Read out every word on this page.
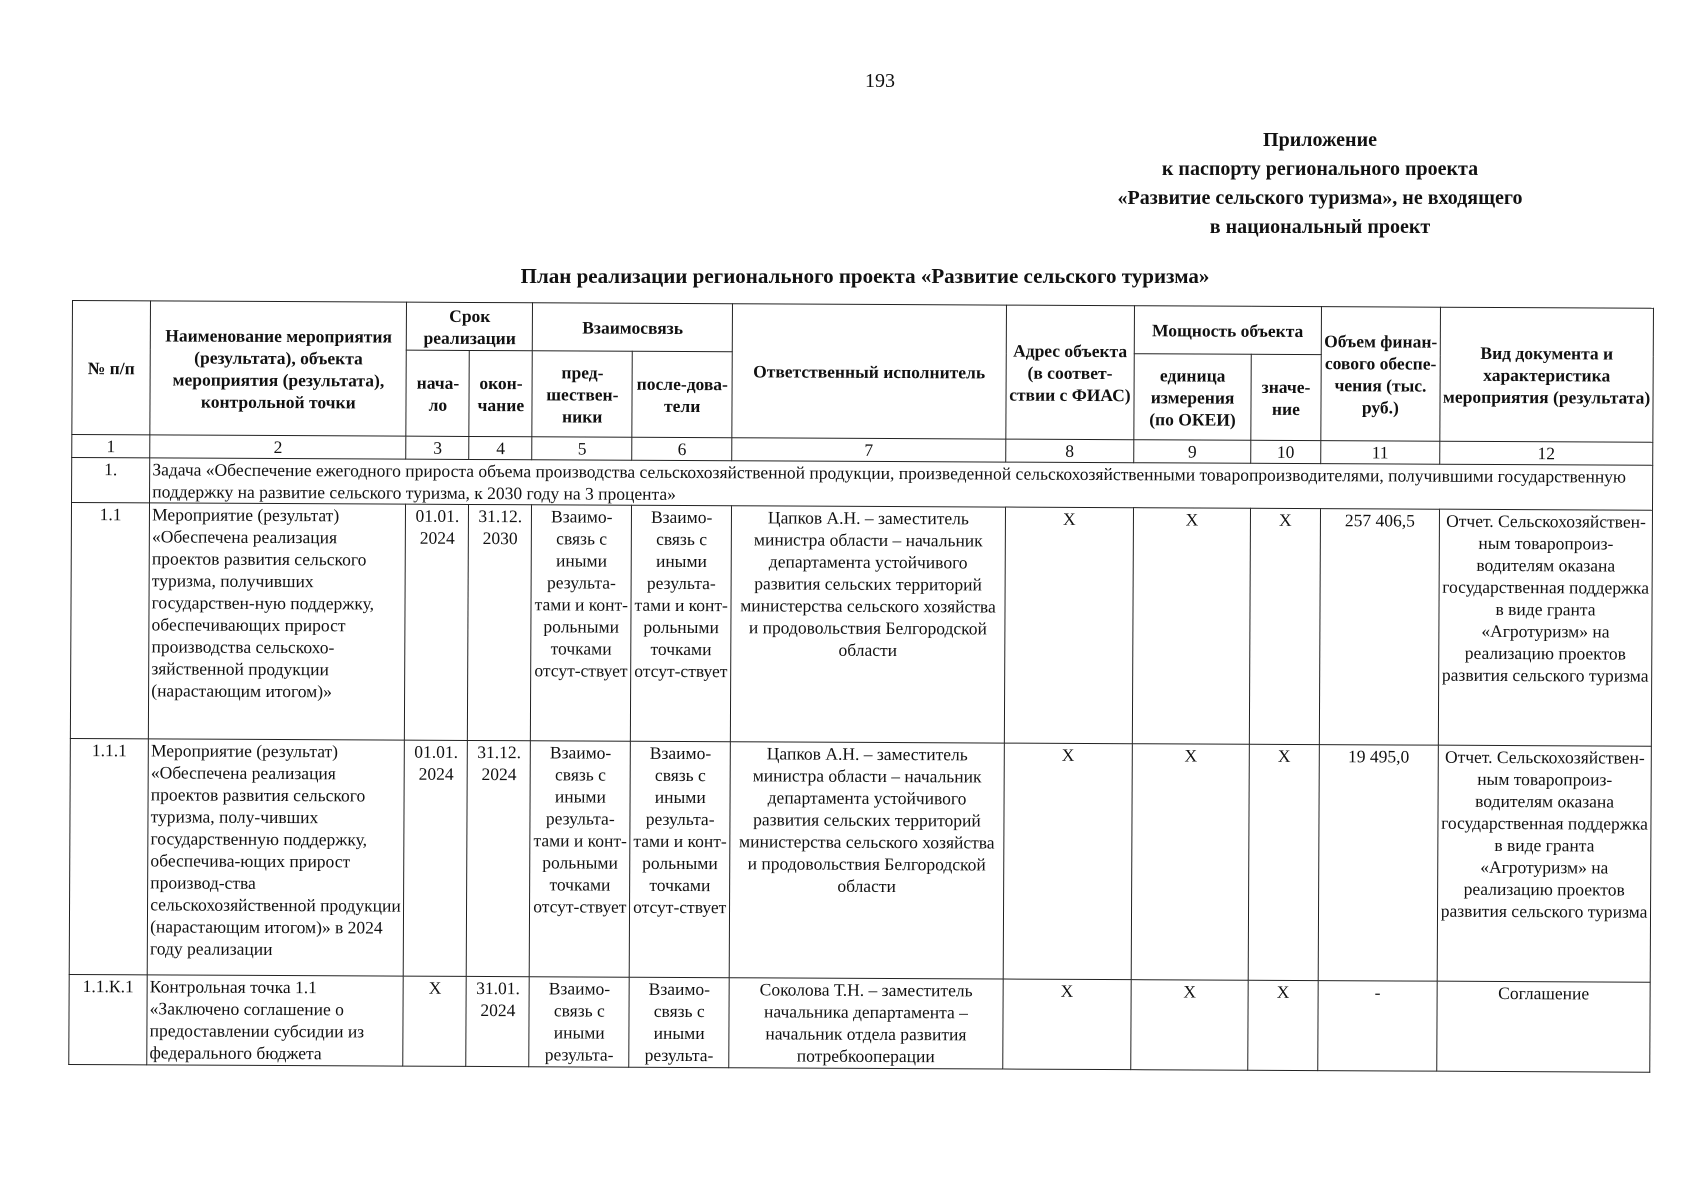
193
Приложение
к паспорту регионального проекта
«Развитие сельского туризма», не входящего
в национальный проект
План реализации регионального проекта «Развитие сельского туризма»
№ п/п	Наименование мероприятия (результата), объекта мероприятия (результата), контрольной точки	Срок реализации		Взаимосвязь		Ответственный исполнитель	Адрес объекта (в соответ-ствии с ФИАС)	Мощность объекта		Объем финан-сового обеспе-чения (тыс. руб.)	Вид документа и характеристика мероприятия (результата)
		нача-ло	окон-чание	пред-шествен-ники	после-дова-тели			единица измерения (по ОКЕИ)	значе-ние		
1	2	3	4	5	6	7	8	9	10	11	12
1.	Задача «Обеспечение ежегодного прироста объема производства сельскохозяйственной продукции, произведенной сельскохозяйственными товаропроизводителями, получившими государственную поддержку на развитие сельского туризма, к 2030 году на 3 процента»										
1.1	Мероприятие (результат) «Обеспечена реализация проектов развития сельского туризма, получивших государствен-ную поддержку, обеспечивающих прирост производства сельскохо-зяйственной продукции (нарастающим итогом)»	01.01. 2024	31.12. 2030	Взаимо-связь с иными результа-тами и конт-рольными точками отсут-ствует	Взаимо-связь с иными результа-тами и конт-рольными точками отсут-ствует	Цапков А.Н. – заместитель министра области – начальник департамента устойчивого развития сельских территорий министерства сельского хозяйства и продовольствия Белгородской области	Х	Х	Х	257 406,5	Отчет. Сельскохозяйствен-ным товаропроиз-водителям оказана государственная поддержка в виде гранта «Агротуризм» на реализацию проектов развития сельского туризма
1.1.1	Мероприятие (результат) «Обеспечена реализация проектов развития сельского туризма, полу-чивших государственную поддержку, обеспечива-ющих прирост производ-ства сельскохозяйственной продукции (нарастающим итогом)» в 2024 году реализации	01.01. 2024	31.12. 2024	Взаимо-связь с иными результа-тами и конт-рольными точками отсут-ствует	Взаимо-связь с иными результа-тами и конт-рольными точками отсут-ствует	Цапков А.Н. – заместитель министра области – начальник департамента устойчивого развития сельских территорий министерства сельского хозяйства и продовольствия Белгородской области	Х	Х	Х	19 495,0	Отчет. Сельскохозяйствен-ным товаропроиз-водителям оказана государственная поддержка в виде гранта «Агротуризм» на реализацию проектов развития сельского туризма
1.1.К.1	Контрольная точка 1.1 «Заключено соглашение о предоставлении субсидии из федерального бюджета	Х	31.01. 2024	Взаимо-связь с иными результа-	Взаимо-связь с иными результа-	Соколова Т.Н. – заместитель начальника департамента – начальник отдела развития потребкооперации	Х	Х	Х	-	Соглашение
